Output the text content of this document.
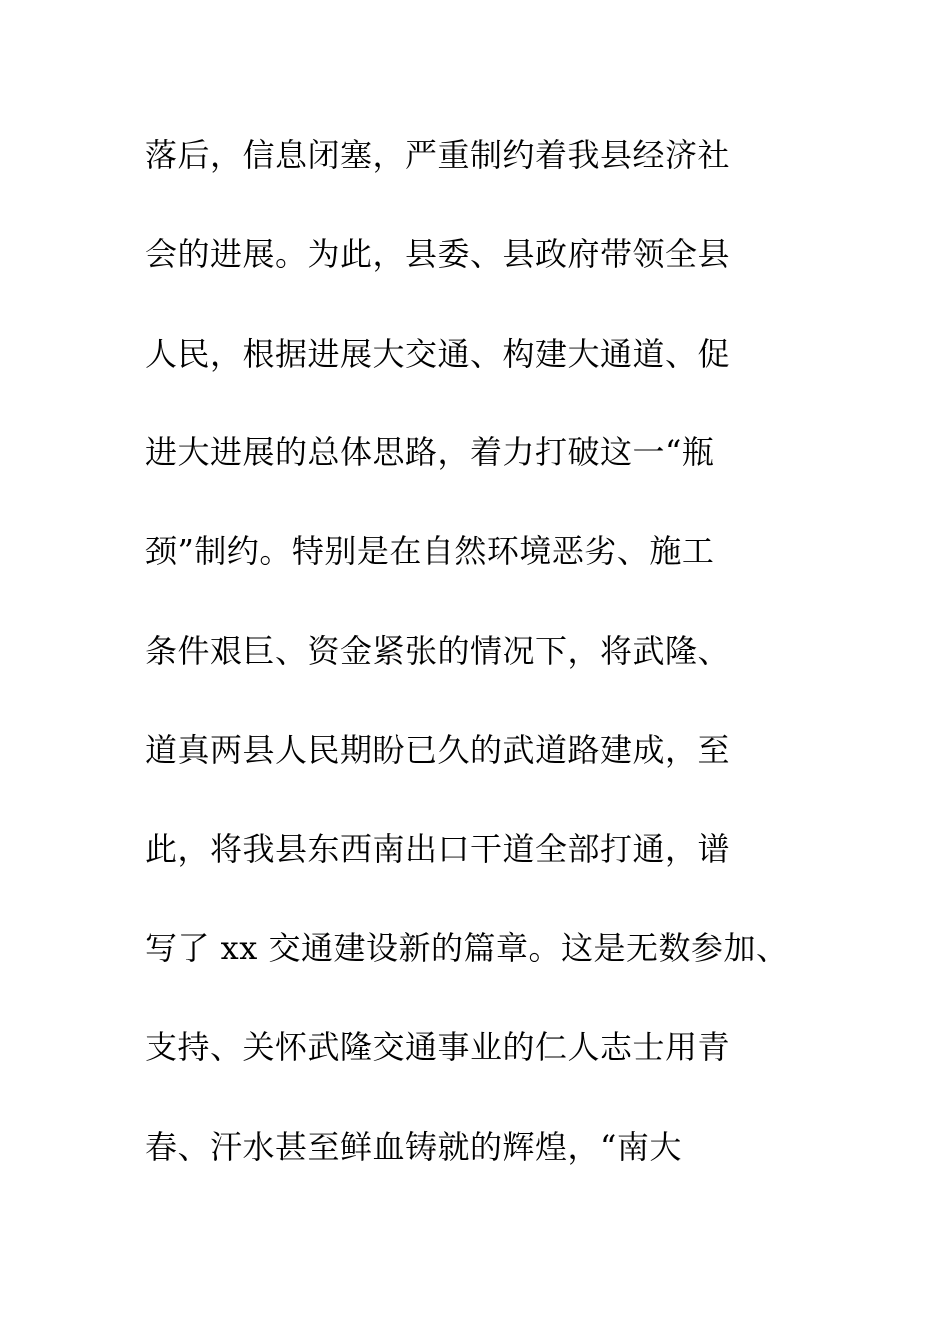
落后，信息闭塞，严重制约着我县经济社
会的进展。为此，县委、县政府带领全县
人民，根据进展大交通、构建大通道、促
进大进展的总体思路，着力打破这一“瓶
颈”制约。特别是在自然环境恶劣、施工
条件艰巨、资金紧张的情况下，将武隆、
道真两县人民期盼已久的武道路建成，至
此，将我县东西南出口干道全部打通，谱
写了 xx 交通建设新的篇章。这是无数参加、
支持、关怀武隆交通事业的仁人志士用青
春、汗水甚至鲜血铸就的辉煌，“南大
